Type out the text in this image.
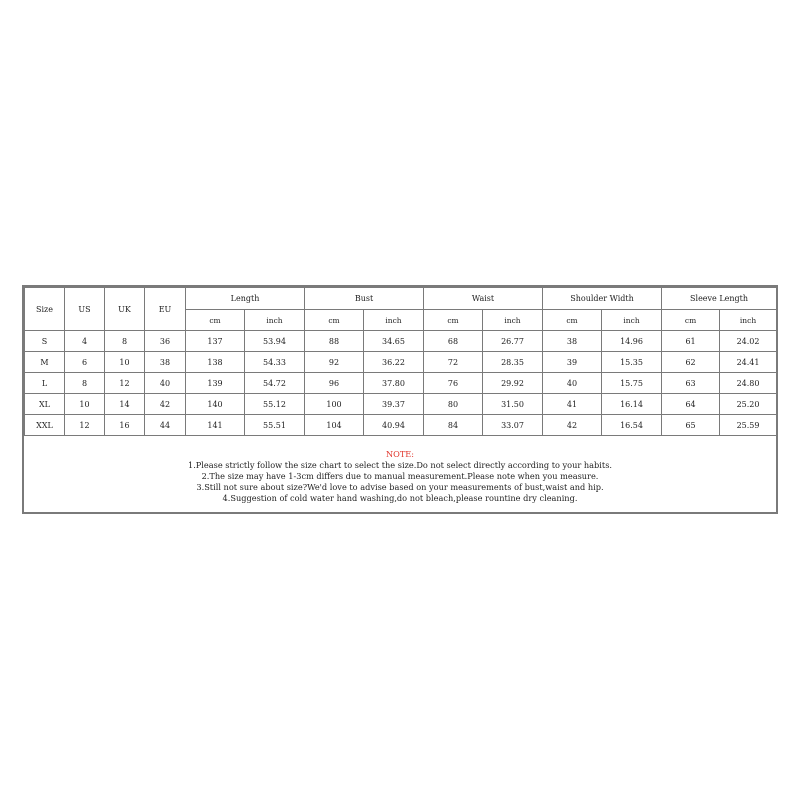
Size	US	UK	EU	Length		Bust		Waist		Shoulder Width		Sleeve Length	
				cm	inch	cm	inch	cm	inch	cm	inch	cm	inch
S	4	8	36	137	53.94	88	34.65	68	26.77	38	14.96	61	24.02
M	6	10	38	138	54.33	92	36.22	72	28.35	39	15.35	62	24.41
L	8	12	40	139	54.72	96	37.80	76	29.92	40	15.75	63	24.80
XL	10	14	42	140	55.12	100	39.37	80	31.50	41	16.14	64	25.20
XXL	12	16	44	141	55.51	104	40.94	84	33.07	42	16.54	65	25.59
NOTE:
1.Please strictly follow the size chart to select the size.Do not select directly according to your habits.
2.The size may have 1-3cm differs due to manual measurement.Please note when you measure.
3.Still not sure about size?We'd love to advise based on your measurements of bust,waist and hip.
4.Suggestion of cold water hand washing,do not bleach,please rountine dry cleaning.
